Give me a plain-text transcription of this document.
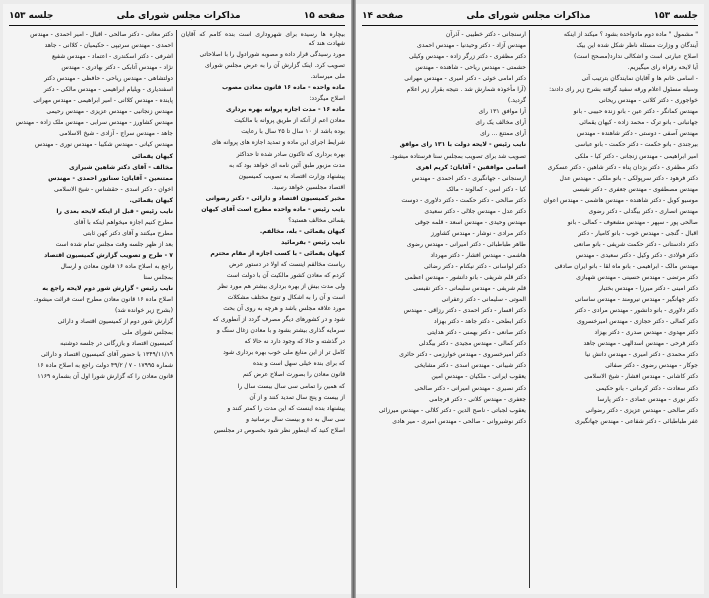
صفحه ۱۵
مذاکرات مجلس شورای ملی
جلسه ۱۵۳

بیچاره ها رسیده برای شهروداری است بنده کامم که آقایان شهادت هند که

مورد رسیدگی قرار داده و مصوبه شورادول را با اصلاحاتی

تصویب کرد. اینک گزارش آن را به عرض مجلس شورای

ملی میرساند.

ماده واحده - ماده ۱۶ قانون معادن مصوب

اصلاح میگردد:

ماده ۱۶ - مدت اجازه پروانه بهره برداری

معادن اعم از آنکه از طریق پروانه با مالکیت

بوده باشد از ۱۰ سال تا ۲۵ سال با رعایت

شرایط اجرای این ماده و تمدید اجازه های پروانه های

بهره برداری که تاکنون صادر شده تا حداکثر

مدت مزبور طبق آئین نامه ای خواهد بود که به

پیشنهاد وزارت اقتصاد به تصویب کمیسیون

اقتصاد مجلسین خواهد رسید.

مخبر کمیسیون اقتصاد و دارائی - دکتر رضوانی

نایب رئیس - ماده واحده مطرح است آقای کیهان

یقمائی مخالف هستید؟

کیهان یقمائی - بله، مخالفم.

نایب رئیس - بفرمائید

کیهان یقمائی - با کسب اجازه از مقام محترم

ریاست مخالفم اینست که اولا در دستور عرض

کردم که معادن کشور مالکیت آن با دولت است

ولی مدت بیش از بهره برداری بیشتر هم مورد نظر

است و آن را به اشکال و تنوع مختلف مشکلات

مورد علاقه مجلس باشد و هرچه به روی آن بحث

شود و در کشورهای دیگر مصرف گردد از آنطوری که

سرمایه گذاری بیشتر بشود و با معادن زغال سنگ و

در گذشته و حالا که وجود دارد نه حالا که

کامل تر از این منابع ملی خوب بهره برداری شود

که برای بنده خیلی سهل است و بنده

قانون معادن را بصورت اصلاح عرض کنم

که همین را تمامی سی سال بیست سال را

از بیست و پنج سال تمدید کنند و از آن

پیشنهاد بنده اینست که این مدت را کمتر کنند و

سی سال به ده و بیست سال برسانید و

اصلاح کنید که اینطور نظر شود بخصوص در مجلسین

دکتر معانی - دکتر صالحی - اقبال - امیر احمدی - مهندس

احمدی - مهندس سرتیپی - حکیمیان - کلاانی - جاهد

اشرفی - دکتر اسکندری - اعتماد - مهندس شفیع

نژاد - مهندس آتابکی - دکتر بهادری - مهندس

دولتشاهی - مهندس ریاحی - حافظی - مهندس دکتر

اسفندیاری - ویلیام ابراهیمی - مهندس مالکی - دکتر

پاینده - مهندس کلاانی - امیر ابراهیمی - مهندس مهرانی

مهندس زنجانیی - مهندس عزیزی - مهندس رحیمی

مهندس کشاورز - مهندس سرابی - مهندس ملک زاده - مهندس

جاهد - مهندس سراج - آزادی - شیخ الاسلامی

مهندس کیانی - مهندس شکیبا - مهندس نوری - مهندس

کیهان یقمائی

مخالف - آقای دکتر شاهین شیرازی

ممتنعین - آقایان: سناتور احمدی - مهندس

اخوان - دکتر اسدی - حقشناس - شیخ الاسلامی

کیهان یقمائی.

نایب رئیس - قبل از اینکه لایحه بعدی را

مطرح کنیم اجازه میخواهم اینکه با آقای

مطرح میکنند و آقای دکتر کهن ثابتی

بعد از ظهر جلسه وقت مجلس تمام شده است

۷ - طرح و تصویب گزارش کمیسیون اقتصاد

راجع به اصلاح ماده ۱۶ قانون معادن و ارسال

بمجلس سنا

نایب رئیس - گزارش شور دوم لایحه راجع به

اصلاح ماده ۱۶ قانون معادن مطرح است قرائت میشود.

(بشرح زیر خوانده شد)

گزارش شور دوم از کمیسیون اقتصاد و دارائی

بمجلس شورای ملی

کمیسیون اقتصاد و بازرگانی در جلسه دوشنبه

۱۳۴۹/۱۱/۱۹ با حضور آقای کمیسیون اقتصاد و دارائی

شماره ۱۷۹۹۵ - ۷ / ۴۹/۲ دولت راجع به اصلاح ماده ۱۶

قانون معادن را که گزارش شورا اول آن بشماره ۱۱۶۹

جلسه ۱۵۳
مذاکرات مجلس شورای ملی
صفحه ۱۴

" مشمول " ماده دوم مادواحده بشود ؟ میکند از اینکه

آیندگان و وزارت مسئله ناظر شکل شده این بیک

اصلاح عبارتی است و اشکالی ندارد(مصحح است)

آیا لایحه رفراه رای میگیریم.

- اسامی خانم ها و آقایان نمایندگان بترتیب آتی

وسیله مسئول اعلام ورقه سفید گرفته بشرح زیر رای دادند:

خواجوری - دکتر کلانی - مهندس ریحانی

مهندس کمانگر - دکتر عین - بانو زنده حبیبی - بانو

جهانبانی - بانو ترک - محمد زاده - کیهان یقمائی

مهندس آصفی - دوستی - دکتر شاهنده - مهندس

بیرجندی - بانو حکمت - دکتر حکمت - بانو عباسی

امیر ابراهیمی - مهندس زنجانی - دکتر کیا - ملکی

دکتر مظفری - دکتر یزدان پناه - دکتر شاهین - دکتر عسکری

دکتر فرهود - دکتر سرپولکی - بانو ملکی - مهندس عدل

مهندس مصطفوی - مهندس جعفری - دکتر نفیسی

موسیو کوبل - دکتر شاهنده - مهندس هاشمی - مهندس اعوان

مهندس انصاری - دکتر بیگدلی - دکتر رضوی

صالحی پور - سپهر - مهندس مشعوف - کمالی - بانو

اقبال - گنجی - مهندس خوب - بانو کامیار - دکتر

دکتر دادستانی - دکتر حکمت شریفی - بانو صانعی

دکتر فولادی - دکتر وکیل - دکتر سعیدی - مهندس

مهندس مالک - ابراهیمی - بانو ماه لقا - بانو ایران صادقی

دکتر مرتضی - مهندس حسینی - مهندس شهبازی

دکتر امینی - دکتر میرزا - مهندس بختیار

دکتر جهانگیر - مهندس نیرومند - مهندس ساسانی

دکتر دلاوری - بانو دانشور - مهندس مرادی - دکتر

دکتر کمالی - دکتر حجازی - مهندس امیرخسروی

دکتر مهدوی - مهندس صدری - دکتر بهزاد

دکتر فرحی - مهندس اسدالهی - مهندس جاهد

دکتر محمدی - دکتر امیری - مهندس دانش نیا

جوکار - مهندس رضوی - دکتر صفائی

دکتر کاشانی - مهندس افشار - شیخ الاسلامی

دکتر سعادت - دکتر کرمانی - بانو حکیمی

دکتر نوری - مهندس عمادی - دکتر پارسا

دکتر صالحی - مهندس عزیزی - دکتر رضوانی

غفر طباطبائی - دکتر شفاعی - مهندس جهانگیری

ارسنجانی - دکتر خطیبی - آذرآن

مهندس آزاد - دکتر وحیدنیا - مهندس احمدی

دکتر مظفری - دکتر زرگر زاده - مهندس وکیلی

حشمتی - مهندس ریاحی - شاهنده - مهندس

دکتر امامی خوئی - دکتر امیری - مهندس مهرانی

(آرا مأخوذه شمارش شد . نتیجه بقرار زیر اعلام

گردید.)

آرا موافق ۱۳۱ رای

آرای مخالف یک رای

آرای ممتنع ... رای

نایب رئیس - لایحه دولت با ۱۳۱ رای موافق

تصویب شد برای تصویب بمجلس سنا فرستاده میشود.

اسامی موافقین - آقایان: کریم اهری

ارسنجانی - جهانگیری - دکتر احمدی - مهندس

کیا - دکتر امین - کمالوند - مالک

دکتر صالحی - دکتر حکمت - دکتر دلاوری - دوست

دکتر عدل - مهندس جلالی - دکتر سعیدی

مهندس وحیدی - مهندس اسعد - قلمه جوقی

دکتر مرادی - نوشار - مهندس کشاورز

طاهر طباطبائی - دکتر امیرانی - مهندس رضوی

هاشمی - مهندس افشار - دکتر مهرداد

دکتر لواسانی - دکتر نیکنام - دکتر رضائی

دکتر قلم شریفی - بانو دانشور - مهندس اعظمی

قلم شریفی - مهندس سلیمانی - دکتر نفیسی

الموتی - سلیمانی - دکتر زعفرانی

دکتر افسار - دکتر احمدی - دکتر رزاقی - مهندس

دکتر ابطحی - دکتر جاهد - دکتر بهزاد

دکتر صانعی - دکتر بهمنی - دکتر هدایتی

دکتر کمالی - مهندس مجیدی - دکتر بیگدلی

دکتر امیرخسروی - مهندس خوارزمی - دکتر حائری

دکتر شیبانی - مهندس اسدی - دکتر مشایخی

یعقوب ایرانی - ملکیان - مهندس امین

دکتر نصیری - مهندس امیرانی - دکتر صالحی

جعفری - مهندس کلانی - دکتر فرجامی

یعقوب لجباتی - ناصح الدین - دکتر کلالی - مهندس میرزائی

دکتر نوشیروانی - صالحی - مهندس امیری - میر هادی
